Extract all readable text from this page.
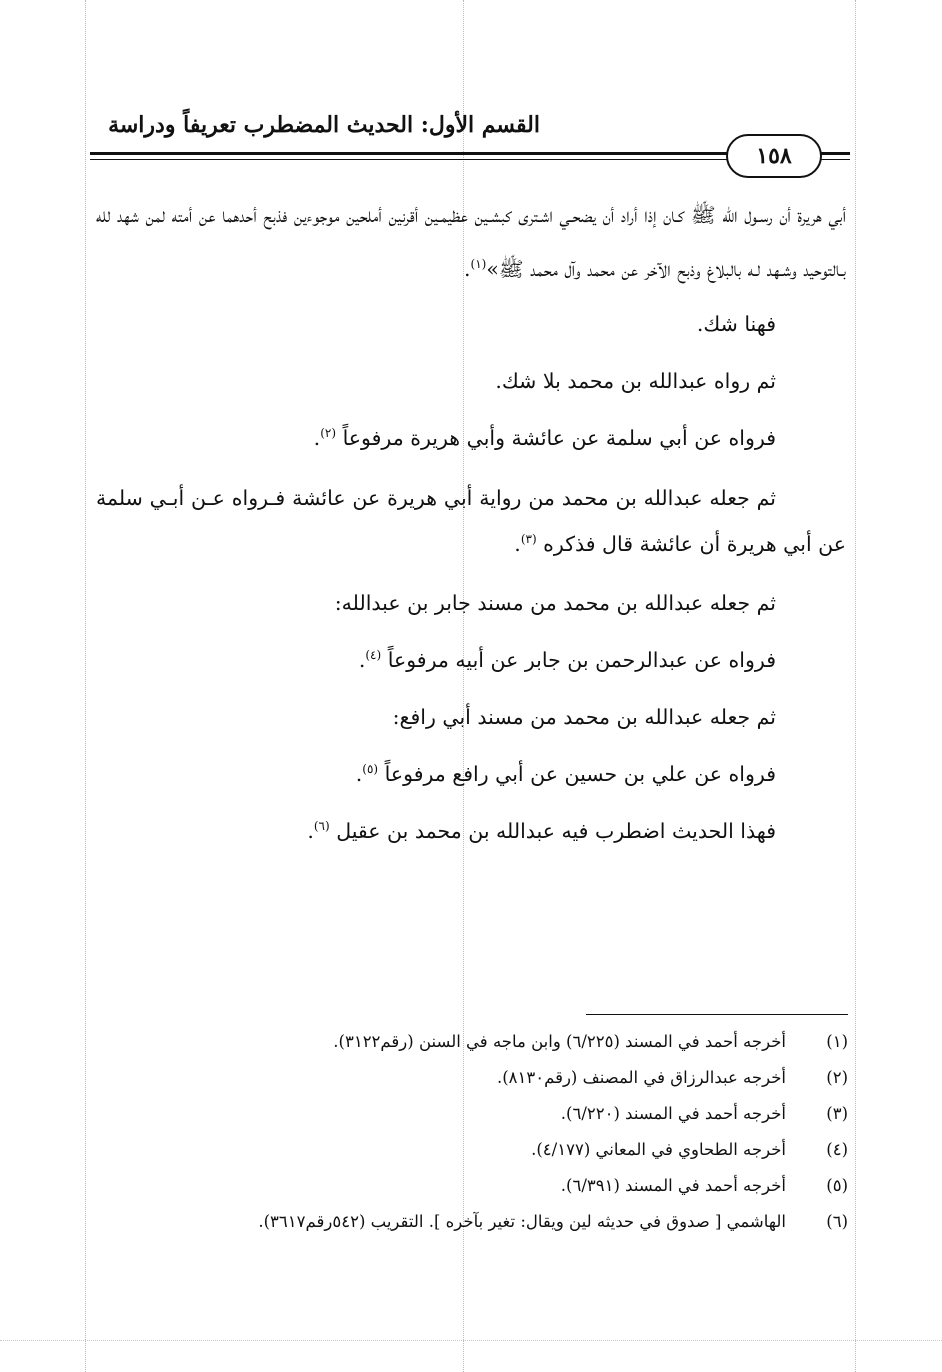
القسم الأول: الحديث المضطرب تعريفاً ودراسة
١٥٨

أبي هريرة أن رسـول الله ﷺ كـان إذا أراد أن يضحـي اشـترى كبشـين عظيمـين أقرنين أملحين موجوءين فذبح أحدهما عن أمته لمن شهد لله بـالتوحيد وشـهد لـه بالبلاغ وذبح الآخر عن محمد وآل محمد ﷺ»$^{(١)}$.

فهنا شك.

ثم رواه عبدالله بن محمد بلا شك.

فرواه عن أبي سلمة عن عائشة وأبي هريرة مرفوعاً $^{(٢)}$.

ثم جعله عبدالله بن محمد من رواية أبي هريرة عن عائشة فـرواه عـن أبـي سلمة عن أبي هريرة أن عائشة قال فذكره $^{(٣)}$.

ثم جعله عبدالله بن محمد من مسند جابر بن عبدالله:

فرواه عن عبدالرحمن بن جابر عن أبيه مرفوعاً $^{(٤)}$.

ثم جعله عبدالله بن محمد من مسند أبي رافع:

فرواه عن علي بن حسين عن أبي رافع مرفوعاً $^{(٥)}$.

فهذا الحديث اضطرب فيه عبدالله بن محمد بن عقيل $^{(٦)}$.

(١)
أخرجه أحمد في المسند (٦/٢٢٥) وابن ماجه في السنن (رقم٣١٢٢).
(٢)
أخرجه عبدالرزاق في المصنف (رقم٨١٣٠).
(٣)
أخرجه أحمد في المسند (٦/٢٢٠).
(٤)
أخرجه الطحاوي في المعاني (٤/١٧٧).
(٥)
أخرجه أحمد في المسند (٦/٣٩١).
(٦)
الهاشمي [ صدوق في حديثه لين ويقال: تغير بآخره ]. التقريب (٥٤٢رقم٣٦١٧).
